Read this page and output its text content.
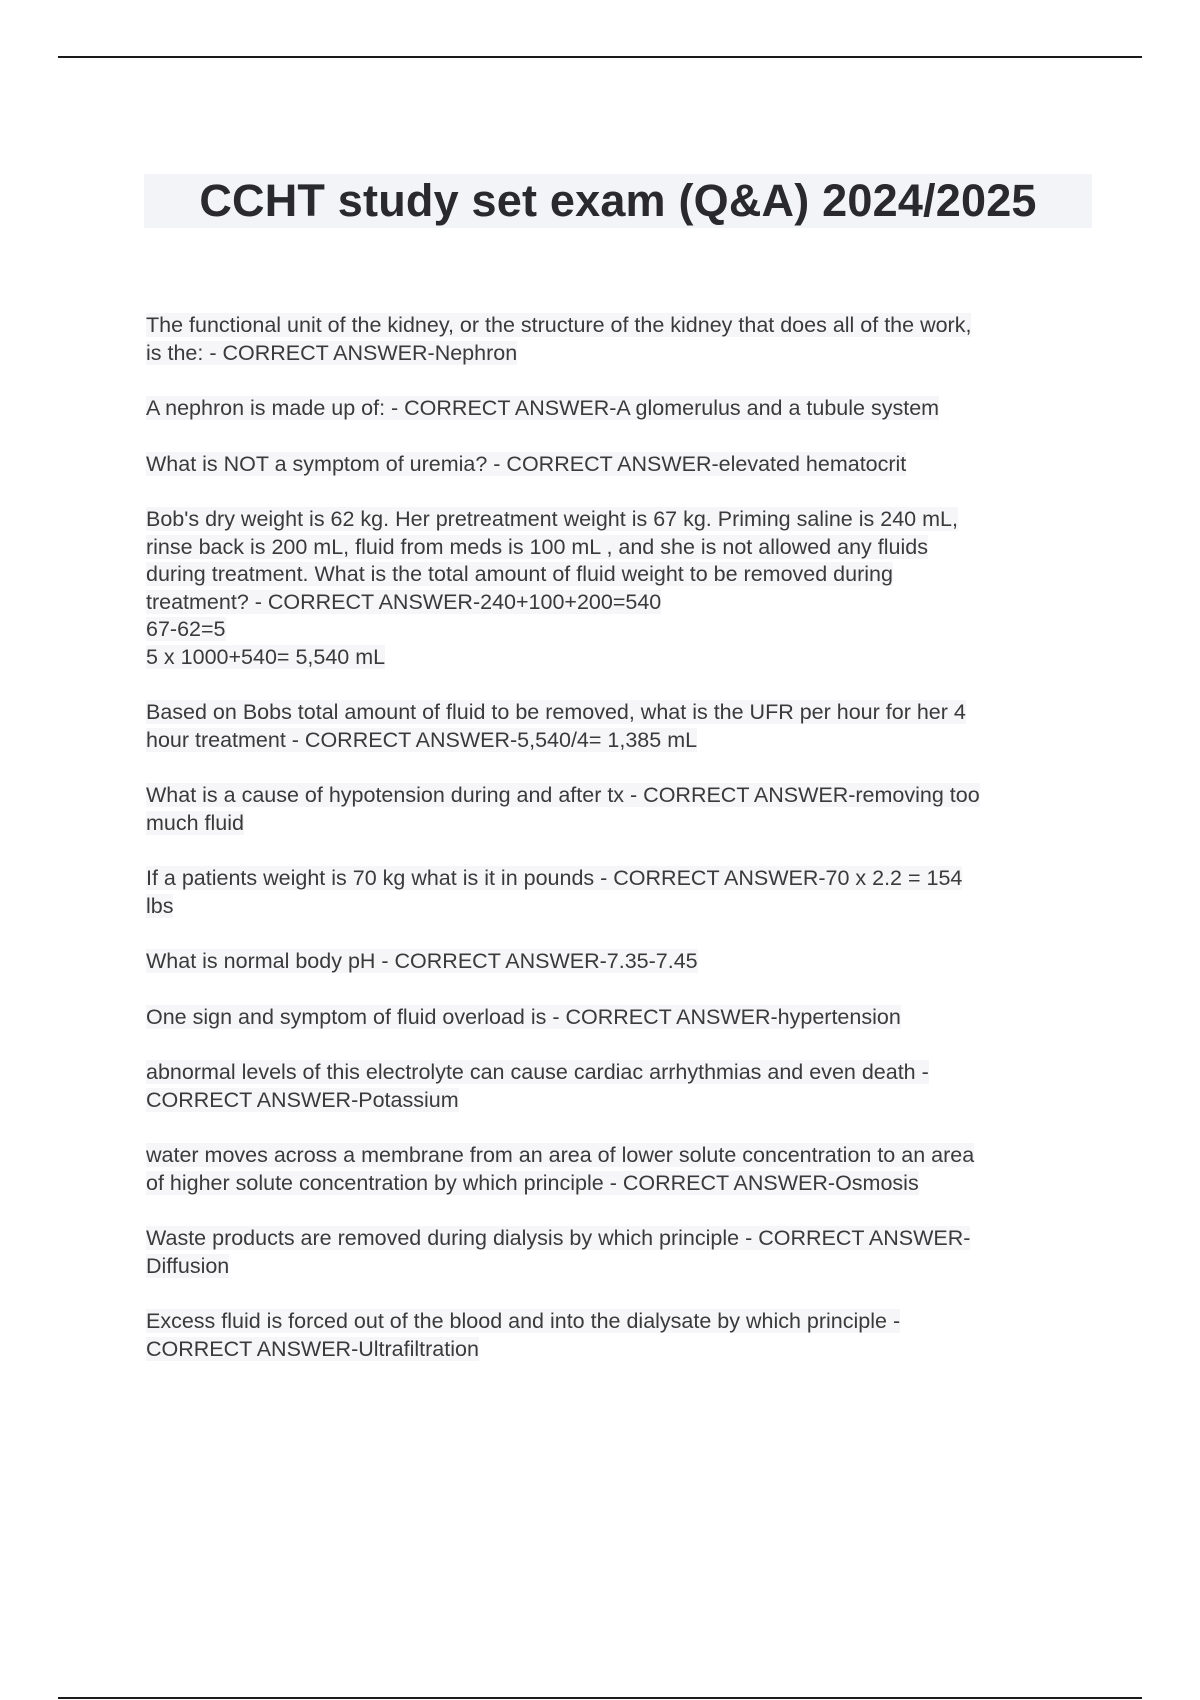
CCHT study set exam (Q&A) 2024/2025
The functional unit of the kidney, or the structure of the kidney that does all of the work,
is the: - CORRECT ANSWER-Nephron
A nephron is made up of: - CORRECT ANSWER-A glomerulus and a tubule system
What is NOT a symptom of uremia? - CORRECT ANSWER-elevated hematocrit
Bob's dry weight is 62 kg. Her pretreatment weight is 67 kg. Priming saline is 240 mL,
rinse back is 200 mL, fluid from meds is 100 mL , and she is not allowed any fluids
during treatment. What is the total amount of fluid weight to be removed during
treatment? - CORRECT ANSWER-240+100+200=540
67-62=5
5 x 1000+540= 5,540 mL
Based on Bobs total amount of fluid to be removed, what is the UFR per hour for her 4
hour treatment - CORRECT ANSWER-5,540/4= 1,385 mL
What is a cause of hypotension during and after tx - CORRECT ANSWER-removing too
much fluid
If a patients weight is 70 kg what is it in pounds - CORRECT ANSWER-70 x 2.2 = 154
lbs
What is normal body pH - CORRECT ANSWER-7.35-7.45
One sign and symptom of fluid overload is - CORRECT ANSWER-hypertension
abnormal levels of this electrolyte can cause cardiac arrhythmias and even death -
CORRECT ANSWER-Potassium
water moves across a membrane from an area of lower solute concentration to an area
of higher solute concentration by which principle - CORRECT ANSWER-Osmosis
Waste products are removed during dialysis by which principle - CORRECT ANSWER-
Diffusion
Excess fluid is forced out of the blood and into the dialysate by which principle -
CORRECT ANSWER-Ultrafiltration
